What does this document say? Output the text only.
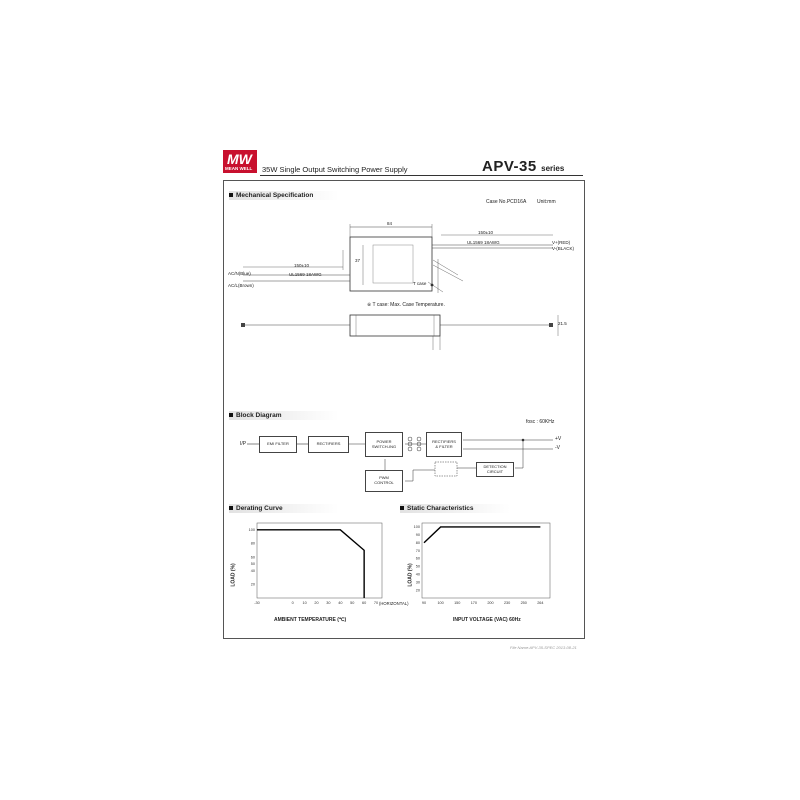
MW
MEAN WELL 35W Single Output Switching Power Supply	APV-35 series
Mechanical Specification
Case No.PCD16A Unit:mm
84
37
21.5
150±10
UL1569 18AWG	V+(RED)
V-(BLACK)
150±10
UL1569 18AWG
AC/N(Blue)
AC/L(Brown)	T case
※ T case: Max. Case Temperature.
Block Diagram
fosc : 60KHz
I/P	EMI FILTER	RECTIFIERS	POWER SWITCH-ING
RECTIFIERS & FILTER
PWM CONTROL
DETECTION CIRCUIT
+V
-V
Derating Curve
-30	0 10 20 30 40 50 60 70
100
80
60
50
40
20
LOAD (%)
AMBIENT TEMPERATURE (℃)
(HORIZONTAL)
Static Characteristics
90	100	150	170	200	230	250	264
100
90
80
70
60
50
40
30
20
LOAD (%)
INPUT VOLTAGE (VAC) 60Hz
File Name:APV-35-SPEC 2013-08-21
